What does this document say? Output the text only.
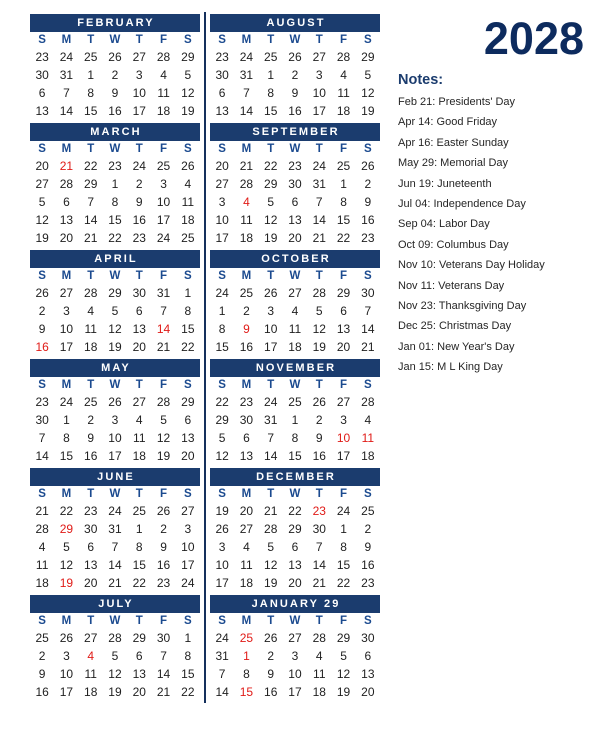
FEBRUARY
S	M	T	W	T	F	S
23	24	25	26	27	28	29
30	31	1	2	3	4	5
6	7	8	9	10	11	12
13	14	15	16	17	18	19
AUGUST
S	M	T	W	T	F	S
23	24	25	26	27	28	29
30	31	1	2	3	4	5
6	7	8	9	10	11	12
13	14	15	16	17	18	19
MARCH
S	M	T	W	T	F	S
20	21	22	23	24	25	26
27	28	29	1	2	3	4
5	6	7	8	9	10	11
12	13	14	15	16	17	18
19	20	21	22	23	24	25
SEPTEMBER
S	M	T	W	T	F	S
20	21	22	23	24	25	26
27	28	29	30	31	1	2
3	4	5	6	7	8	9
10	11	12	13	14	15	16
17	18	19	20	21	22	23
APRIL
S	M	T	W	T	F	S
26	27	28	29	30	31	1
2	3	4	5	6	7	8
9	10	11	12	13	14	15
16	17	18	19	20	21	22
OCTOBER
S	M	T	W	T	F	S
24	25	26	27	28	29	30
1	2	3	4	5	6	7
8	9	10	11	12	13	14
15	16	17	18	19	20	21
MAY
S	M	T	W	T	F	S
23	24	25	26	27	28	29
30	1	2	3	4	5	6
7	8	9	10	11	12	13
14	15	16	17	18	19	20
NOVEMBER
S	M	T	W	T	F	S
22	23	24	25	26	27	28
29	30	31	1	2	3	4
5	6	7	8	9	10	11
12	13	14	15	16	17	18
JUNE
S	M	T	W	T	F	S
21	22	23	24	25	26	27
28	29	30	31	1	2	3
4	5	6	7	8	9	10
11	12	13	14	15	16	17
18	19	20	21	22	23	24
DECEMBER
S	M	T	W	T	F	S
19	20	21	22	23	24	25
26	27	28	29	30	1	2
3	4	5	6	7	8	9
10	11	12	13	14	15	16
17	18	19	20	21	22	23
JULY
S	M	T	W	T	F	S
25	26	27	28	29	30	1
2	3	4	5	6	7	8
9	10	11	12	13	14	15
16	17	18	19	20	21	22
JANUARY 29
S	M	T	W	T	F	S
24	25	26	27	28	29	30
31	1	2	3	4	5	6
7	8	9	10	11	12	13
14	15	16	17	18	19	20
2028
Notes:
Feb 21: Presidents' Day
Apr 14: Good Friday
Apr 16: Easter Sunday
May 29: Memorial Day
Jun 19: Juneteenth
Jul 04: Independence Day
Sep 04: Labor Day
Oct 09: Columbus Day
Nov 10: Veterans Day Holiday
Nov 11: Veterans Day
Nov 23: Thanksgiving Day
Dec 25: Christmas Day
Jan 01: New Year's Day
Jan 15: M L King Day
